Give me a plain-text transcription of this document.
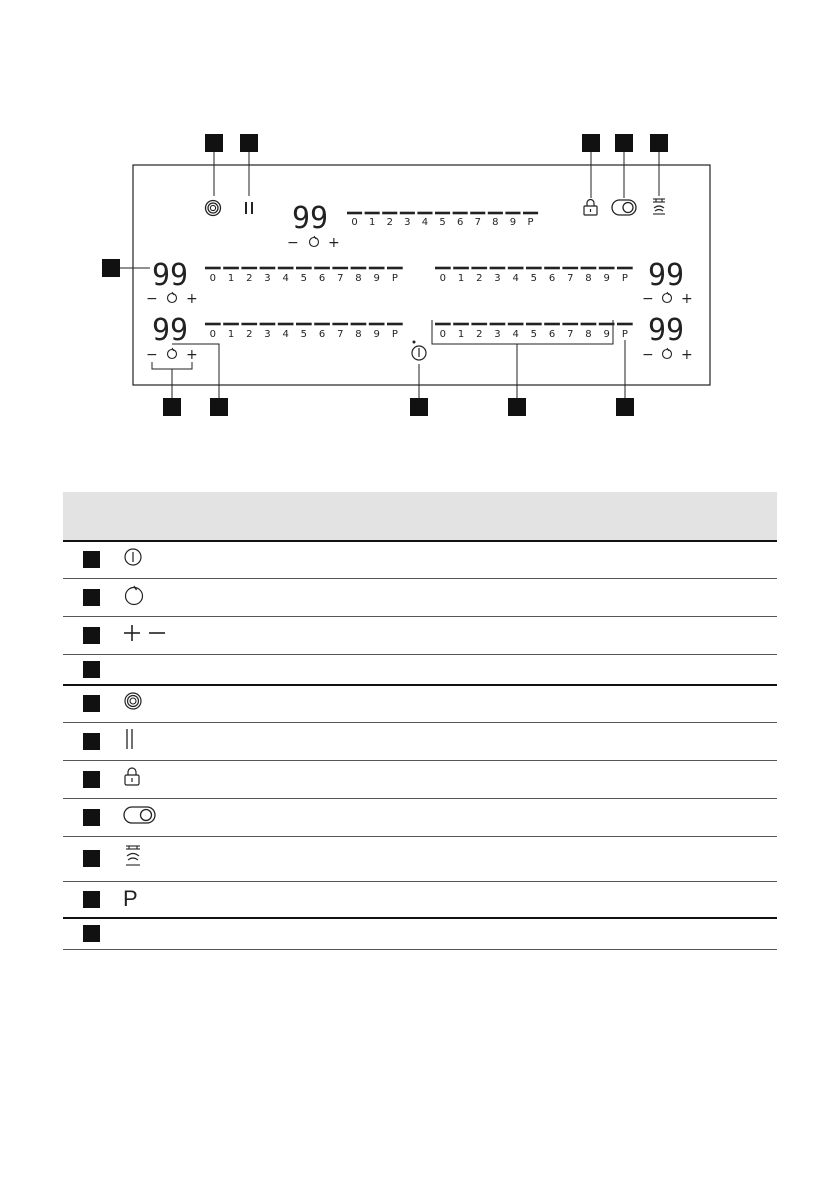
99
99
99
99
99
− +
− +
− +
− +
− +
0 1 2 3 4 5 6 7 8 9 P
0 1 2 3 4 5 6 7 8 9 P
0 1 2 3 4 5 6 7 8 9 P
0 1 2 3 4 5 6 7 8 9 P
0 1 2 3 4 5 6 7 8 9 P

	P	
